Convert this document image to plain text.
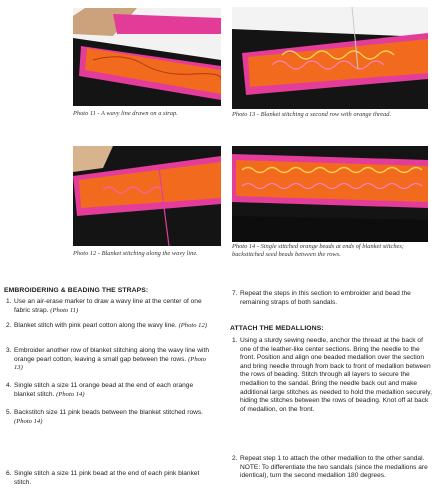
Photo 11 - A wavy line drawn on a strap.	Photo 13 - Blanket stitching a second row with orange thread.
Photo 12 - Blanket stitching along the wavy line.
Photo 14 - Single stitched orange beads at ends of blanket stitches; backstitched seed beads between the rows.
EMBROIDERING & BEADING THE STRAPS:
1. Use an air-erase marker to draw a wavy line at the center of one fabric strap. (Photo 11)
2. Blanket stitch with pink pearl cotton along the wavy line. (Photo 12)
3. Embroider another row of blanket stitching along the wavy line with orange pearl cotton, leaving a small gap between the rows. (Photo 13)
4. Single stitch a size 11 orange bead at the end of each orange blanket stitch. (Photo 14)
5. Backstitch size 11 pink beads between the blanket stitched rows. (Photo 14)
6. Single stitch a size 11 pink bead at the end of each pink blanket stitch.
7. Repeat the steps in this section to embroider and bead the remaining straps of both sandals.
ATTACH THE MEDALLIONS:
1. Using a sturdy sewing needle, anchor the thread at the back of one of the leather-like center sections. Bring the needle to the front. Position and align one beaded medallion over the section and bring needle through from back to front of medallion between the rows of beading. Stitch through all layers to secure the medallion to the sandal. Bring the needle back out and make additional large stitches as needed to hold the medallion securely, hiding the stitches between the rows of beading. Knot off at back of medallion, on the front.
2. Repeat step 1 to attach the other medallion to the other sandal. NOTE: To differentiate the two sandals (since the medallions are identical), turn the second medallion 180 degrees.
